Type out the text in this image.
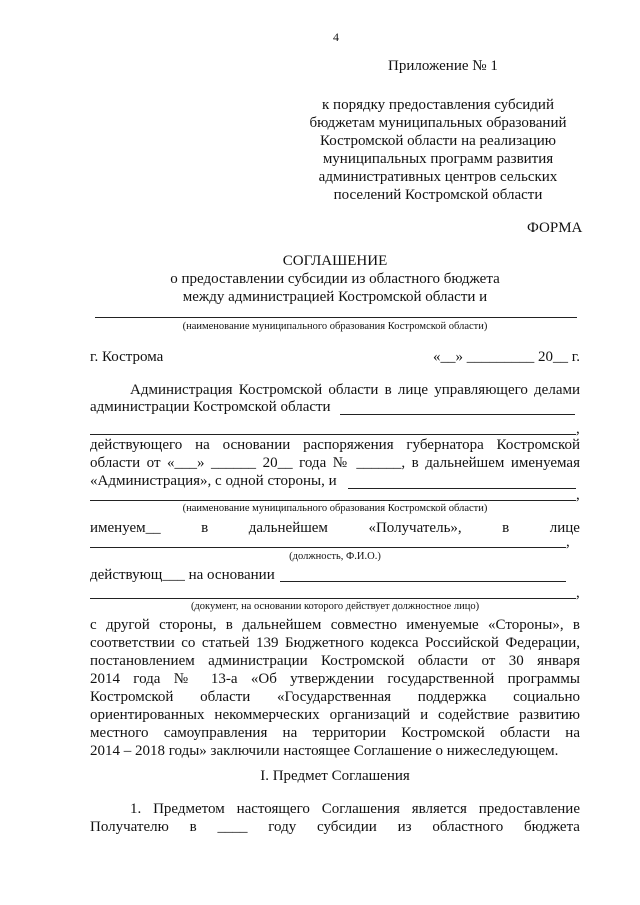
4
Приложение № 1
к порядку предоставления субсидий
бюджетам муниципальных образований
Костромской области на реализацию
муниципальных программ развития
административных центров сельских
поселений Костромской области
ФОРМА
СОГЛАШЕНИЕ
о предоставлении субсидии из областного бюджета
между администрацией Костромской области и
(наименование муниципального образования Костромской области)
г. Кострома	«__» _________ 20__ г.
Администрация Костромской области в лице управляющего делами
администрации Костромской области
,
действующего на основании распоряжения губернатора Костромской
области от «___» ______ 20__ года № ______, в дальнейшем именуемая
«Администрация», с одной стороны, и
,
(наименование муниципального образования Костромской области)
именуем__	в	дальнейшем	«Получатель»,	в	лице
,
(должность, Ф.И.О.)
действующ___ на основании
,
(документ, на основании которого действует должностное лицо)
с другой стороны, в дальнейшем совместно именуемые «Стороны», в
соответствии со статьей 139 Бюджетного кодекса Российской Федерации,
постановлением администрации Костромской области от 30 января
2014 года № 13-а «Об утверждении государственной программы
Костромской области «Государственная поддержка социально
ориентированных некоммерческих организаций и содействие развитию
местного самоуправления на территории Костромской области на
2014 – 2018 годы» заключили настоящее Соглашение о нижеследующем.
I. Предмет Соглашения
1. Предметом настоящего Соглашения является предоставление
Получателю в ____ году субсидии из областного бюджета
